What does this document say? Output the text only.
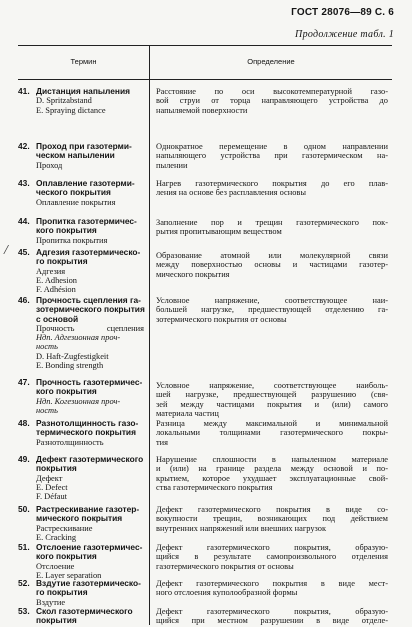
ГОСТ 28076—89 С. 6
Продолжение табл. 1
Термин	Определение
41. Дистанция напыления
D. Spritzabstand
E. Spraying dictance
Расстояние по оси высокотемпературной газо-
вой струи от торца направляющего устройства до
напыляемой поверхности
42. Проход при газотерми-
ческом напылении
Проход
Однократное перемещение в одном направлении
напыляющего устройства при газотермическом на-
пылении
43. Оплавление газотерми-
ческого покрытия
Оплавление покрытия
Нагрев газотермического покрытия до его плав-
ления на основе без расплавления основы
44. Пропитка газотермичес-
кого покрытия
Пропитка покрытия
Заполнение пор и трещин газотермического пок-
рытия пропитывающим веществом
/ 45. Адгезия газотермическо-
го покрытия
Адгезия
E. Adhesion
F. Adhésion
Образование атомной или молекулярной связи
между поверхностью основы и частицами газотер-
мического покрытия
46. Прочность сцепления га-
зотермического покрытия
с основой
Прочность сцепления
Ндп. Адгезионная проч-
ность
D. Haft-Zugfestigkeit
E. Bonding strength
Условное напряжение, соответствующее наи-
большей нагрузке, предшествующей отделению га-
зотермического покрытия от основы
47. Прочность газотермичес-
кого покрытия
Ндп. Когезионная проч-
ность
Условное напряжение, соответствующее наиболь-
шей нагрузке, предшествующей разрушению (свя-
зей между частицами покрытия и (или) самого
материала частиц
48. Разнотолщинность газо-
термического покрытия
Разнотолщинность
Разница между максимальной и минимальной
локальными толщинами газотермического покры-
тия
49. Дефект газотермического
покрытия
Дефект
E. Defect
F. Défaut
Нарушение сплошности в напыленном материале
и (или) на границе раздела между основой и по-
крытием, которое ухудшает эксплуатационные свой-
ства газотермического покрытия
50. Растрескивание газотер-
мического покрытия
Растрескивание
E. Cracking
Дефект газотермического покрытия в виде со-
вокупности трещин, возникающих под действием
внутренних напряжений или внешних нагрузок
51. Отслоение газотермичес-
кого покрытия
Отслоение
E. Layer separation
Дефект газотермического покрытия, образую-
щийся в результате самопроизвольного отделения
газотермического покрытия от основы
52. Вздутие газотермическо-
го покрытия
Вздутие
Дефект газотермического покрытия в виде мест-
ного отслоения куполообразной формы
53. Скол газотермического
покрытия
Дефект газотермического покрытия, образую-
щийся при местном разрушении в виде отделе-
